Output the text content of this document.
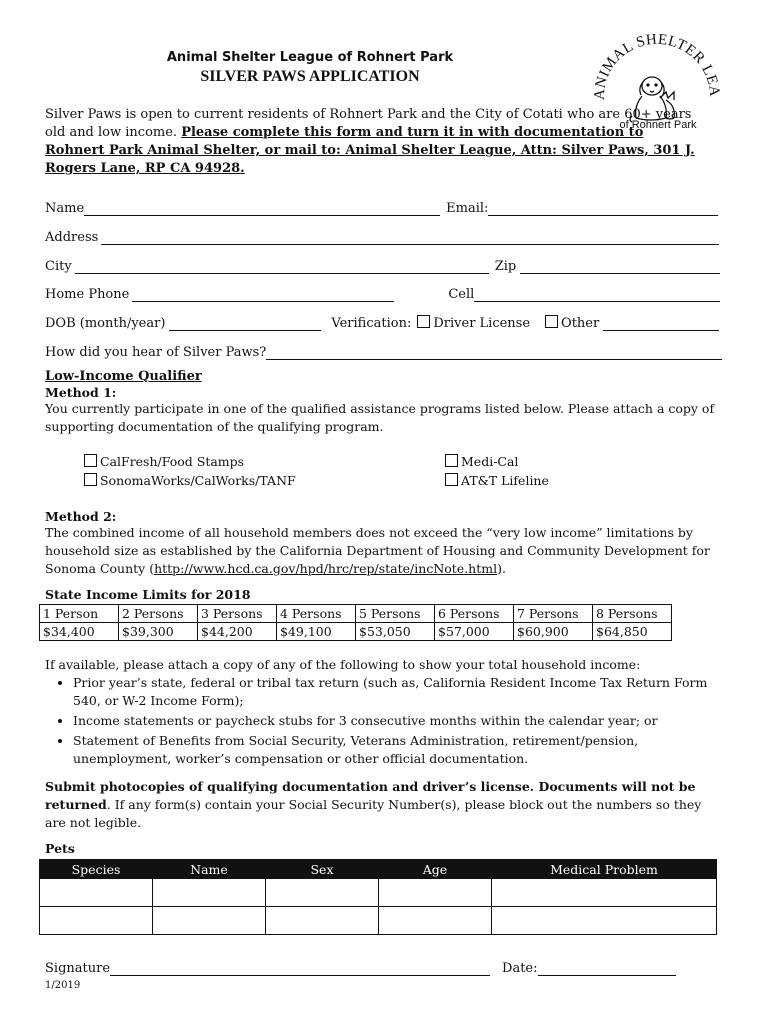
Animal Shelter League of Rohnert Park
SILVER PAWS APPLICATION
ANIMAL SHELTER LEA
of Rohnert Park
Silver Paws is open to current residents of Rohnert Park and the City of Cotati who are 60+ years old and low income. Please complete this form and turn it in with documentation to Rohnert Park Animal Shelter, or mail to: Animal Shelter League, Attn: Silver Paws, 301 J. Rogers Lane, RP CA 94928.
Name	Email:
Address
City	Zip
Home Phone	Cell
DOB (month/year)	Verification:	Driver License	Other
How did you hear of Silver Paws?
Low-Income Qualifier
Method 1:
You currently participate in one of the qualified assistance programs listed below. Please attach a copy of supporting documentation of the qualifying program.
CalFresh/Food Stamps
SonomaWorks/CalWorks/TANF
Medi-Cal
AT&T Lifeline
Method 2:
The combined income of all household members does not exceed the “very low income” limitations by household size as established by the California Department of Housing and Community Development for Sonoma County (http://www.hcd.ca.gov/hpd/hrc/rep/state/incNote.html).
State Income Limits for 2018
1 Person	2 Persons	3 Persons	4 Persons	5 Persons	6 Persons	7 Persons	8 Persons
$34,400	$39,300	$44,200	$49,100	$53,050	$57,000	$60,900	$64,850
If available, please attach a copy of any of the following to show your total household income:
• Prior year’s state, federal or tribal tax return (such as, California Resident Income Tax Return Form 540, or W-2 Income Form);
• Income statements or paycheck stubs for 3 consecutive months within the calendar year; or
• Statement of Benefits from Social Security, Veterans Administration, retirement/pension, unemployment, worker’s compensation or other official documentation.
Submit photocopies of qualifying documentation and driver’s license. Documents will not be returned. If any form(s) contain your Social Security Number(s), please block out the numbers so they are not legible.
Pets
Species	Name	Sex	Age	Medical Problem

Signature	Date:
1/2019
